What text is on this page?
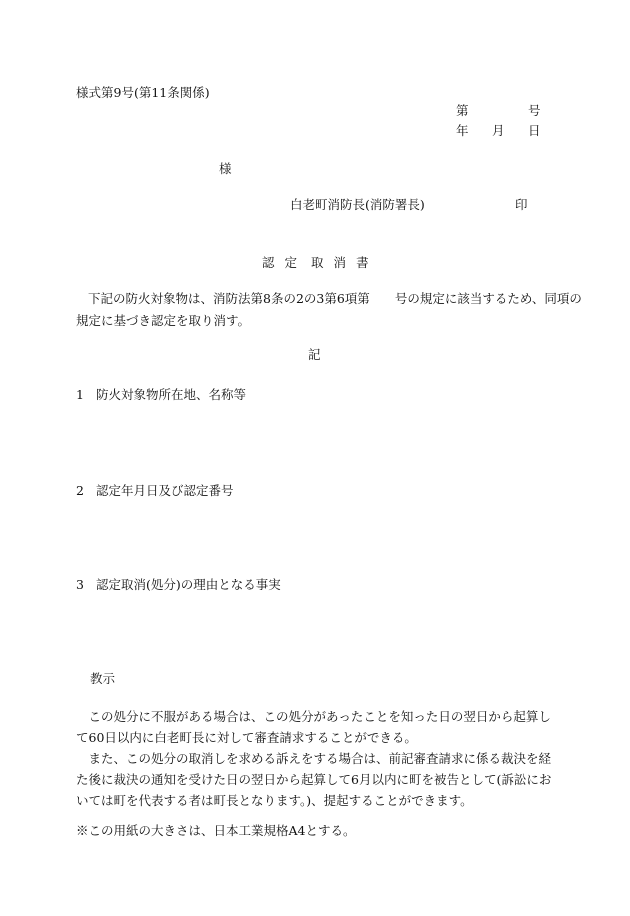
様式第9号(第11条関係)
第	号
年 月 日
様
白老町消防長(消防署長)	印
認 定 取 消 書
下記の防火対象物は、消防法第8条の2の3第6項第　　号の規定に該当するため、同項の
規定に基づき認定を取り消す。
記
1 防火対象物所在地、名称等
2 認定年月日及び認定番号
3 認定取消(処分)の理由となる事実
教示

この処分に不服がある場合は、この処分があったことを知った日の翌日から起算して60日以内に白老町長に対して審査請求することができる。

また、この処分の取消しを求める訴えをする場合は、前記審査請求に係る裁決を経た後に裁決の通知を受けた日の翌日から起算して6月以内に町を被告として(訴訟においては町を代表する者は町長となります。)、提起することができます。

※この用紙の大きさは、日本工業規格A4とする。
